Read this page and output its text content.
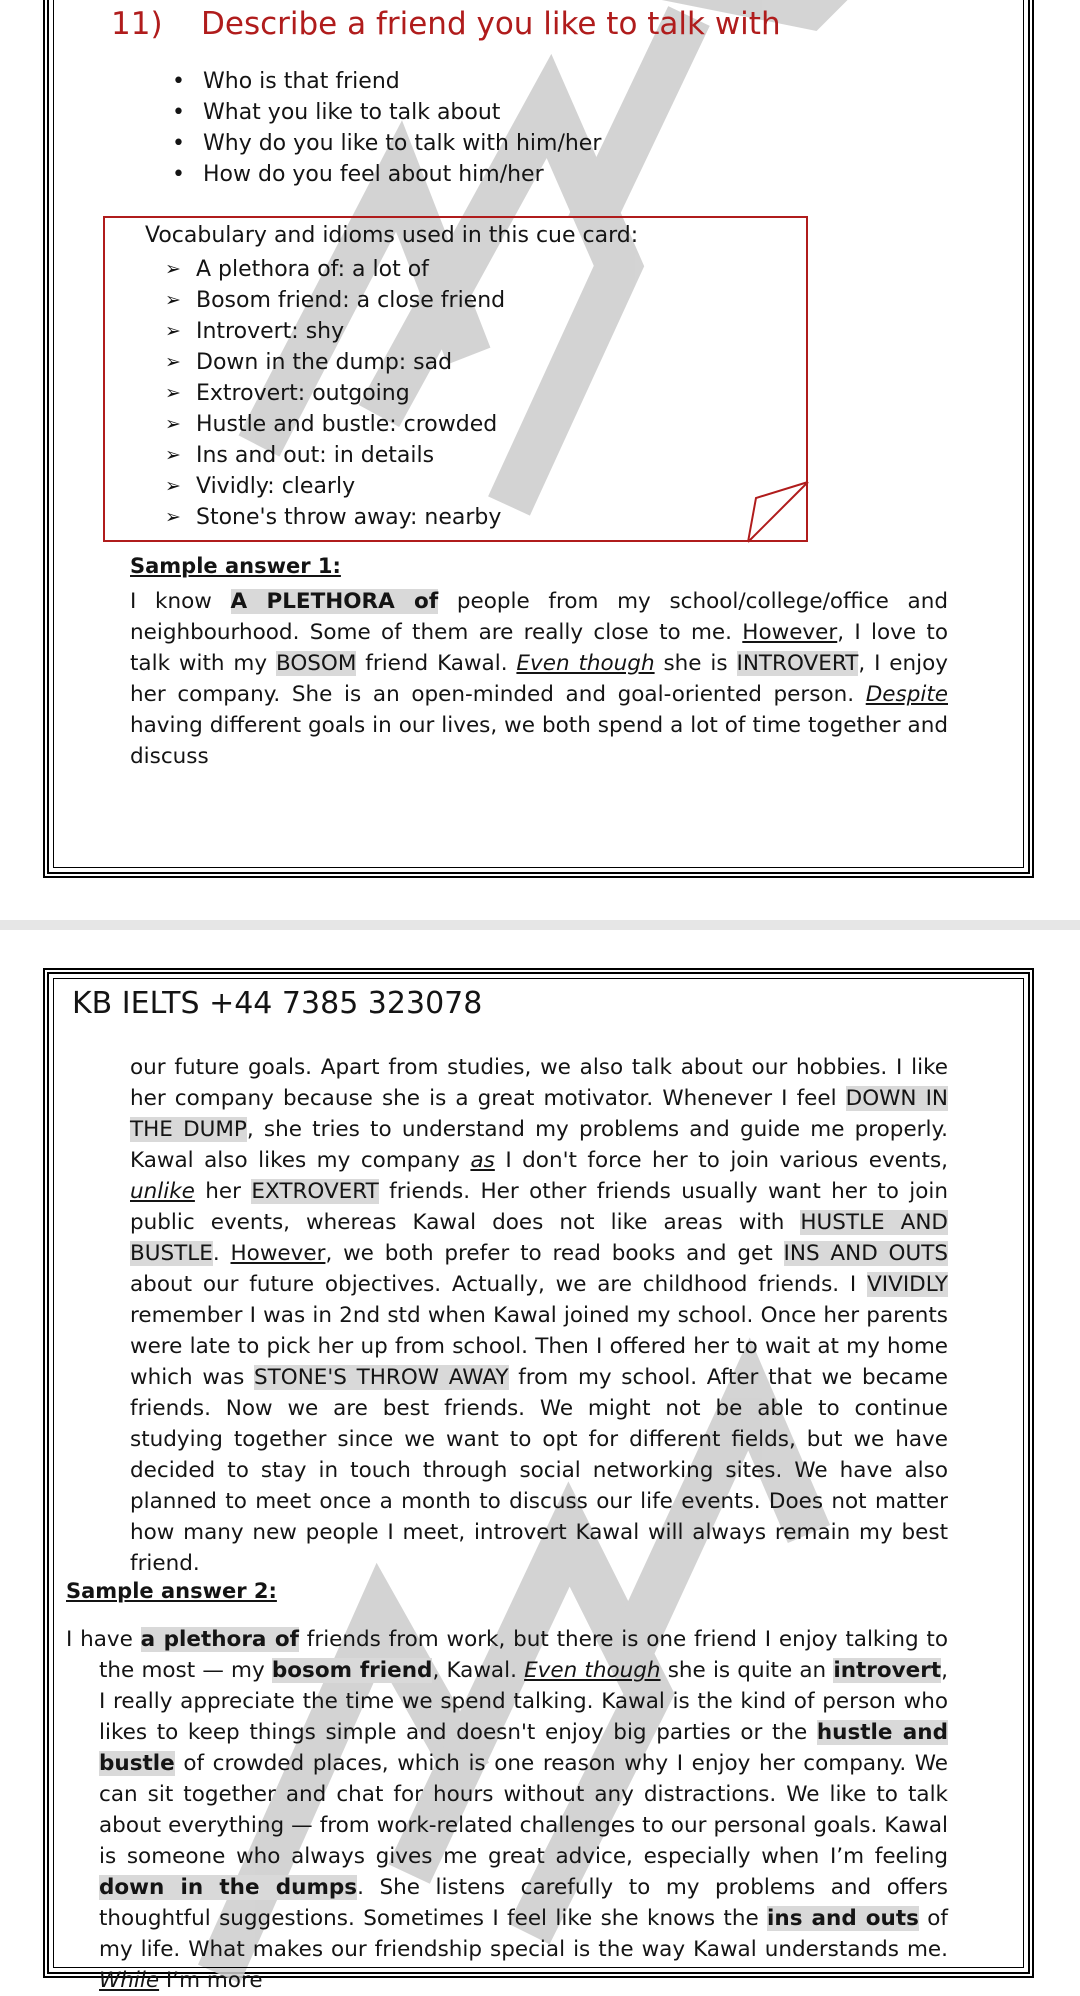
11) Describe a friend you like to talk with
• Who is that friend
• What you like to talk about
• Why do you like to talk with him/her
• How do you feel about him/her
Vocabulary and idioms used in this cue card:
➢ A plethora of: a lot of
➢ Bosom friend: a close friend
➢ Introvert: shy
➢ Down in the dump: sad
➢ Extrovert: outgoing
➢ Hustle and bustle: crowded
➢ Ins and out: in details
➢ Vividly: clearly
➢ Stone's throw away: nearby
Sample answer 1:
I know A PLETHORA of people from my school/college/office and neighbourhood. Some of them are really close to me. However, I love to talk with my BOSOM friend Kawal. Even though she is INTROVERT, I enjoy her company. She is an open-minded and goal-oriented person. Despite having different goals in our lives, we both spend a lot of time together and discuss
KB IELTS +44 7385 323078
our future goals. Apart from studies, we also talk about our hobbies. I like her company because she is a great motivator. Whenever I feel DOWN IN THE DUMP, she tries to understand my problems and guide me properly. Kawal also likes my company as I don't force her to join various events, unlike her EXTROVERT friends. Her other friends usually want her to join public events, whereas Kawal does not like areas with HUSTLE AND BUSTLE. However, we both prefer to read books and get INS AND OUTS about our future objectives. Actually, we are childhood friends. I VIVIDLY remember I was in 2nd std when Kawal joined my school. Once her parents were late to pick her up from school. Then I offered her to wait at my home which was STONE'S THROW AWAY from my school. After that we became friends. Now we are best friends. We might not be able to continue studying together since we want to opt for different fields, but we have decided to stay in touch through social networking sites. We have also planned to meet once a month to discuss our life events. Does not matter how many new people I meet, introvert Kawal will always remain my best friend.
Sample answer 2:
I have a plethora of friends from work, but there is one friend I enjoy talking to the most — my bosom friend, Kawal. Even though she is quite an introvert, I really appreciate the time we spend talking. Kawal is the kind of person who likes to keep things simple and doesn't enjoy big parties or the hustle and bustle of crowded places, which is one reason why I enjoy her company. We can sit together and chat for hours without any distractions. We like to talk about everything — from work-related challenges to our personal goals. Kawal is someone who always gives me great advice, especially when I’m feeling down in the dumps. She listens carefully to my problems and offers thoughtful suggestions. Sometimes I feel like she knows the ins and outs of my life. What makes our friendship special is the way Kawal understands me. While I’m more
